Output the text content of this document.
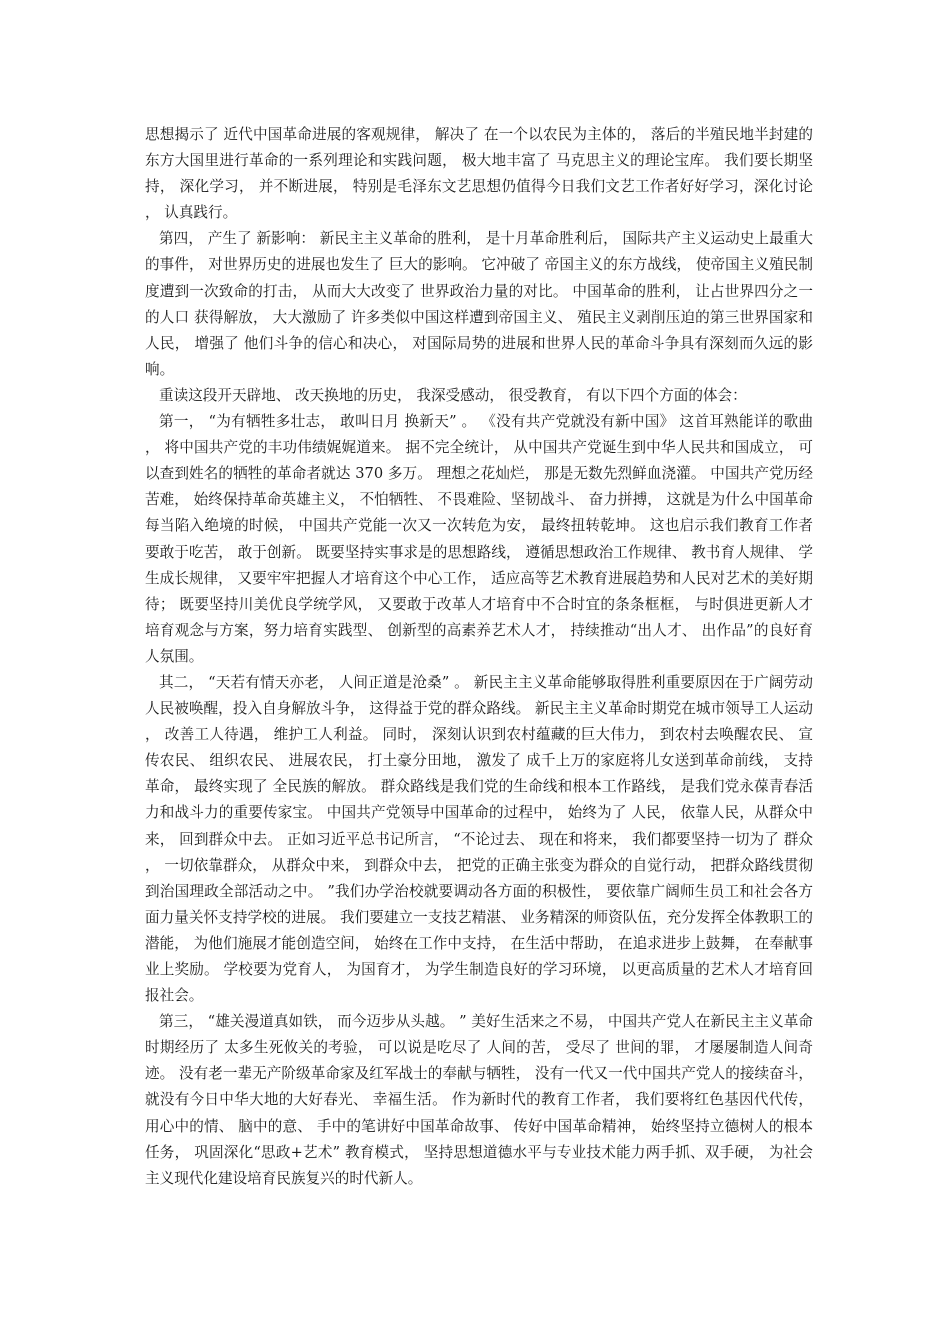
思想揭示了 近代中国革命进展的客观规律， 解决了 在一个以农民为主体的， 落后的半殖民地半封建的东方大国里进行革命的一系列理论和实践问题， 极大地丰富了 马克思主义的理论宝库。 我们要长期坚持， 深化学习， 并不断进展， 特别是毛泽东文艺思想仍值得今日我们文艺工作者好好学习，深化讨论， 认真践行。

第四， 产生了 新影响： 新民主主义革命的胜利， 是十月革命胜利后， 国际共产主义运动史上最重大的事件， 对世界历史的进展也发生了 巨大的影响。 它冲破了 帝国主义的东方战线， 使帝国主义殖民制度遭到一次致命的打击， 从而大大改变了 世界政治力量的对比。 中国革命的胜利， 让占世界四分之一的人口 获得解放， 大大激励了 许多类似中国这样遭到帝国主义、 殖民主义剥削压迫的第三世界国家和人民， 增强了 他们斗争的信心和决心， 对国际局势的进展和世界人民的革命斗争具有深刻而久远的影响。

重读这段开天辟地、 改天换地的历史， 我深受感动， 很受教育， 有以下四个方面的体会：

第一， “为有牺牲多壮志， 敢叫日月 换新天” 。 《没有共产党就没有新中国》 这首耳熟能详的歌曲， 将中国共产党的丰功伟绩娓娓道来。 据不完全统计， 从中国共产党诞生到中华人民共和国成立， 可以查到姓名的牺牲的革命者就达 370 多万。 理想之花灿烂， 那是无数先烈鲜血浇灌。 中国共产党历经苦难， 始终保持革命英雄主义， 不怕牺牲、 不畏难险、坚韧战斗、 奋力拼搏， 这就是为什么中国革命每当陷入绝境的时候， 中国共产党能一次又一次转危为安， 最终扭转乾坤。 这也启示我们教育工作者要敢于吃苦， 敢于创新。 既要坚持实事求是的思想路线， 遵循思想政治工作规律、 教书育人规律、 学生成长规律， 又要牢牢把握人才培育这个中心工作， 适应高等艺术教育进展趋势和人民对艺术的美好期待； 既要坚持川美优良学统学风， 又要敢于改革人才培育中不合时宜的条条框框， 与时俱进更新人才培育观念与方案，努力培育实践型、 创新型的高素养艺术人才， 持续推动“出人才、 出作品”的良好育人氛围。

其二， “天若有情天亦老， 人间正道是沧桑” 。 新民主主义革命能够取得胜利重要原因在于广阔劳动人民被唤醒，投入自身解放斗争， 这得益于党的群众路线。 新民主主义革命时期党在城市领导工人运动， 改善工人待遇， 维护工人利益。 同时， 深刻认识到农村蕴藏的巨大伟力， 到农村去唤醒农民、 宣传农民、 组织农民、 进展农民， 打土豪分田地， 激发了 成千上万的家庭将儿女送到革命前线， 支持革命， 最终实现了 全民族的解放。 群众路线是我们党的生命线和根本工作路线， 是我们党永葆青春活力和战斗力的重要传家宝。 中国共产党领导中国革命的过程中， 始终为了 人民， 依靠人民，从群众中来， 回到群众中去。 正如习近平总书记所言， “不论过去、 现在和将来， 我们都要坚持一切为了 群众， 一切依靠群众， 从群众中来， 到群众中去， 把党的正确主张变为群众的自觉行动， 把群众路线贯彻到治国理政全部活动之中。 ”我们办学治校就要调动各方面的积极性， 要依靠广阔师生员工和社会各方面力量关怀支持学校的进展。 我们要建立一支技艺精湛、 业务精深的师资队伍，充分发挥全体教职工的潜能， 为他们施展才能创造空间， 始终在工作中支持， 在生活中帮助， 在追求进步上鼓舞， 在奉献事业上奖励。 学校要为党育人， 为国育才， 为学生制造良好的学习环境， 以更高质量的艺术人才培育回报社会。

第三， “雄关漫道真如铁， 而今迈步从头越。 ” 美好生活来之不易， 中国共产党人在新民主主义革命时期经历了 太多生死攸关的考验， 可以说是吃尽了 人间的苦， 受尽了 世间的罪， 才屡屡制造人间奇迹。 没有老一辈无产阶级革命家及红军战士的奉献与牺牲， 没有一代又一代中国共产党人的接续奋斗， 就没有今日中华大地的大好春光、 幸福生活。 作为新时代的教育工作者， 我们要将红色基因代代传， 用心中的情、 脑中的意、 手中的笔讲好中国革命故事、 传好中国革命精神， 始终坚持立德树人的根本任务， 巩固深化“思政+艺术” 教育模式， 坚持思想道德水平与专业技术能力两手抓、双手硬， 为社会主义现代化建设培育民族复兴的时代新人。
